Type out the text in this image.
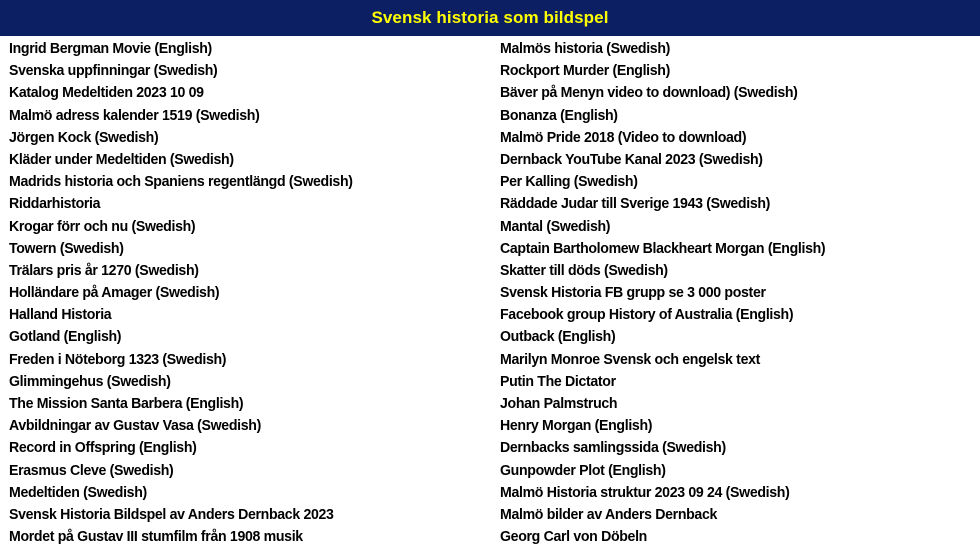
Svensk historia som bildspel
Ingrid Bergman Movie (English)
Svenska uppfinningar (Swedish)
Katalog Medeltiden 2023 10 09
Malmö adress kalender 1519 (Swedish)
Jörgen Kock (Swedish)
Kläder under Medeltiden (Swedish)
Madrids historia och Spaniens regentlängd (Swedish)
Riddarhistoria
Krogar förr och nu (Swedish)
Towern (Swedish)
Trälars pris år 1270 (Swedish)
Holländare på Amager (Swedish)
Halland Historia
Gotland (English)
Freden i Nöteborg 1323 (Swedish)
Glimmingehus (Swedish)
The Mission Santa Barbera (English)
Avbildningar av Gustav Vasa (Swedish)
Record in Offspring (English)
Erasmus Cleve (Swedish)
Medeltiden (Swedish)
Svensk Historia Bildspel av Anders Dernback 2023
Mordet på Gustav III stumfilm från 1908 musik
Malmös historia (Swedish)
Rockport Murder (English)
Bäver på Menyn video to download) (Swedish)
Bonanza (English)
Malmö Pride 2018 (Video to download)
Dernback YouTube Kanal 2023 (Swedish)
Per Kalling (Swedish)
Räddade Judar till Sverige 1943 (Swedish)
Mantal (Swedish)
Captain Bartholomew Blackheart Morgan (English)
Skatter till döds (Swedish)
Svensk Historia FB grupp se 3 000 poster
Facebook group History of Australia (English)
Outback (English)
Marilyn Monroe Svensk och engelsk text
Putin The Dictator
Johan Palmstruch
Henry Morgan (English)
Dernbacks samlingssida (Swedish)
Gunpowder Plot (English)
Malmö Historia struktur 2023 09 24 (Swedish)
Malmö bilder av Anders Dernback
Georg Carl von Döbeln
